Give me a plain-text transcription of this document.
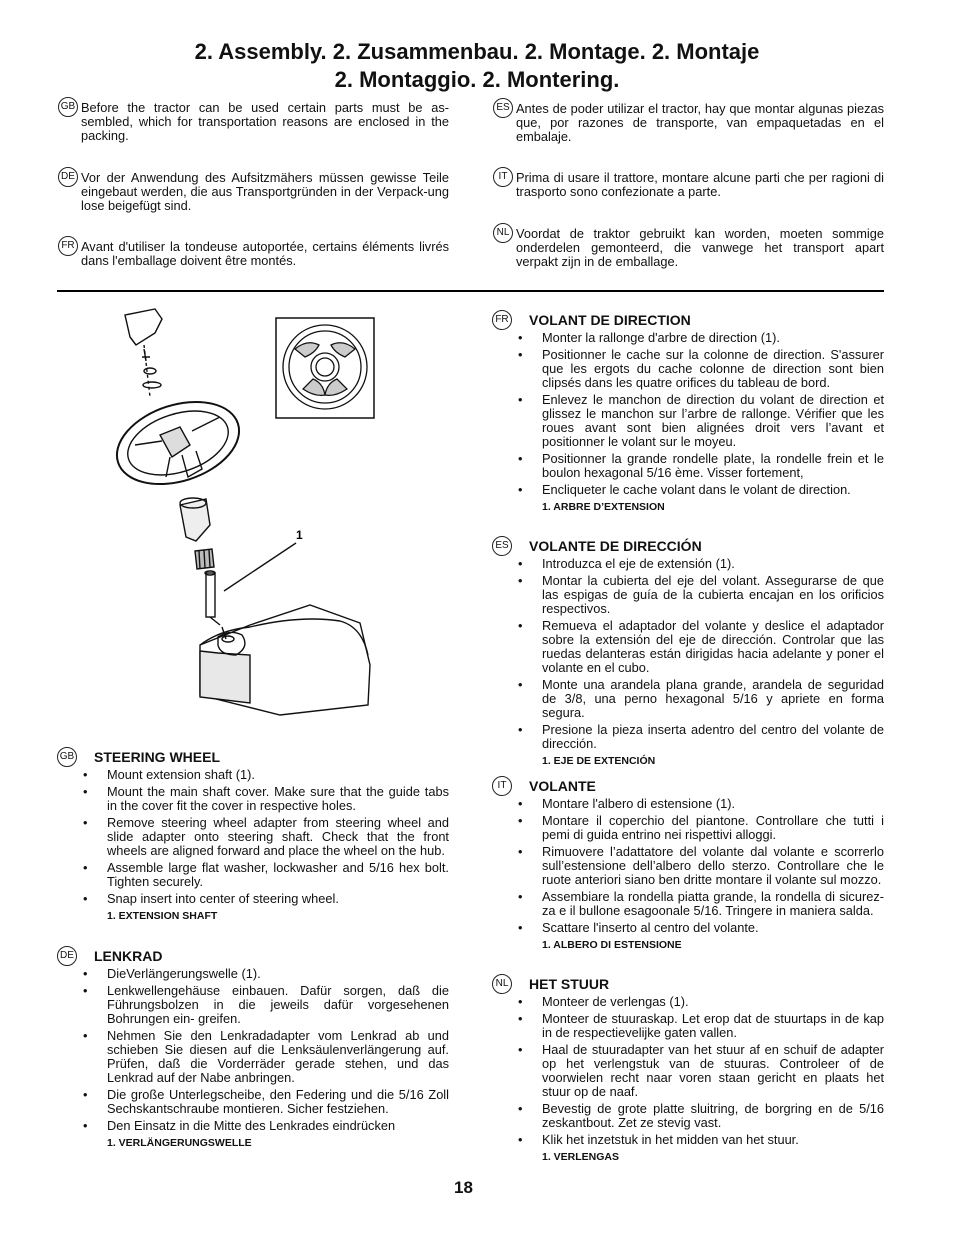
2. Assembly. 2. Zusammenbau. 2. Montage. 2. Montaje
2. Montaggio. 2. Montering.
GB Before the tractor can be used certain parts must be as-sembled, which for transportation reasons are enclosed in the packing.
DE Vor der Anwendung des Aufsitzmähers müssen gewisse Teile eingebaut werden, die aus Transportgründen in der Verpack-ung lose beigefügt sind.
FR Avant d'utiliser la tondeuse autoportée, certains éléments livrés dans l'emballage doivent être montés.
ES Antes de poder utilizar el tractor, hay que montar algunas piezas que, por razones de transporte, van empaquetadas en el embalaje.
IT Prima di usare il trattore, montare alcune parti che per ragioni di trasporto sono confezionate a parte.
NL Voordat de traktor gebruikt kan worden, moeten sommige onderdelen gemonteerd, die vanwege het transport apart verpakt zijn in de emballage.
1
GB STEERING WHEEL
• Mount extension shaft (1).
• Mount the main shaft cover. Make sure that the guide tabs in the cover fit the cover in respective holes.
• Remove steering wheel adapter from steering wheel and slide adapter onto steering shaft. Check that the front wheels are aligned forward and place the wheel on the hub.
• Assemble large flat washer, lockwasher and 5/16 hex bolt. Tighten securely.
• Snap insert into center of steering wheel.
1. EXTENSION SHAFT
DE LENKRAD
• DieVerlängerungswelle (1).
• Lenkwellengehäuse einbauen. Dafür sorgen, daß die Führungsbolzen in die jeweils dafür vorgesehenen Bohrungen ein- greifen.
• Nehmen Sie den Lenkradadapter vom Lenkrad ab und schieben Sie diesen auf die Lenksäulenverlängerung auf. Prüfen, daß die Vorderräder gerade stehen, und das Lenkrad auf der Nabe anbringen.
• Die große Unterlegscheibe, den Federing und die 5/16 Zoll Sechskantschraube montieren. Sicher festziehen.
• Den Einsatz in die Mitte des Lenkrades eindrücken
1. VERLÄNGERUNGSWELLE
FR VOLANT DE DIRECTION
• Monter la rallonge d'arbre de direction (1).
• Positionner le cache sur la colonne de direction. S'assurer que les ergots du cache colonne de direction sont bien clipsés dans les quatre orifices du tableau de bord.
• Enlevez le manchon de direction du volant de direction et glissez le manchon sur l’arbre de rallonge. Vérifier que les roues avant sont bien alignées droit vers l’avant et positionner le volant sur le moyeu.
• Positionner la grande rondelle plate, la rondelle frein et le boulon hexagonal 5/16 ème. Visser fortement,
• Encliqueter le cache volant dans le volant de direction.
1. ARBRE D’EXTENSION
ES VOLANTE DE DIRECCIÓN
• Introduzca el eje de extensión (1).
• Montar la cubierta del eje del volant. Assegurarse de que las espigas de guía de la cubierta encajan en los orificios respectivos.
• Remueva el adaptador del volante y deslice el adaptador sobre la extensión del eje de dirección. Controlar que las ruedas delanteras están dirigidas hacia adelante y poner el volante en el cubo.
• Monte una arandela plana grande, arandela de seguridad de 3/8, una perno hexagonal 5/16 y apriete en forma segura.
• Presione la pieza inserta adentro del centro del volante de dirección.
1. EJE DE EXTENCIÓN
IT	VOLANTE
• Montare l'albero di estensione (1).
• Montare il coperchio del piantone. Controllare che tutti i pemi di guida entrino nei rispettivi alloggi.
• Rimuovere l’adattatore del volante dal volante e scorrerlo sull’estensione dell’albero dello sterzo. Controllare che le ruote anteriori siano ben dritte montare il volante sul mozzo.
• Assembiare la rondella piatta grande, la rondella di sicurez-za e il bullone esagoonale 5/16. Tringere in maniera salda.
• Scattare l'inserto al centro del volante.
1. ALBERO DI ESTENSIONE
NL HET STUUR
• Monteer de verlengas (1).
• Monteer de stuuraskap. Let erop dat de stuurtaps in de kap in de respectievelijke gaten vallen.
• Haal de stuuradapter van het stuur af en schuif de adapter op het verlengstuk van de stuuras. Controleer of de voorwielen recht naar voren staan gericht en plaats het stuur op de naaf.
• Bevestig de grote platte sluitring, de borgring en de 5/16 zeskantbout. Zet ze stevig vast.
• Klik het inzetstuk in het midden van het stuur.
1. VERLENGAS
18
